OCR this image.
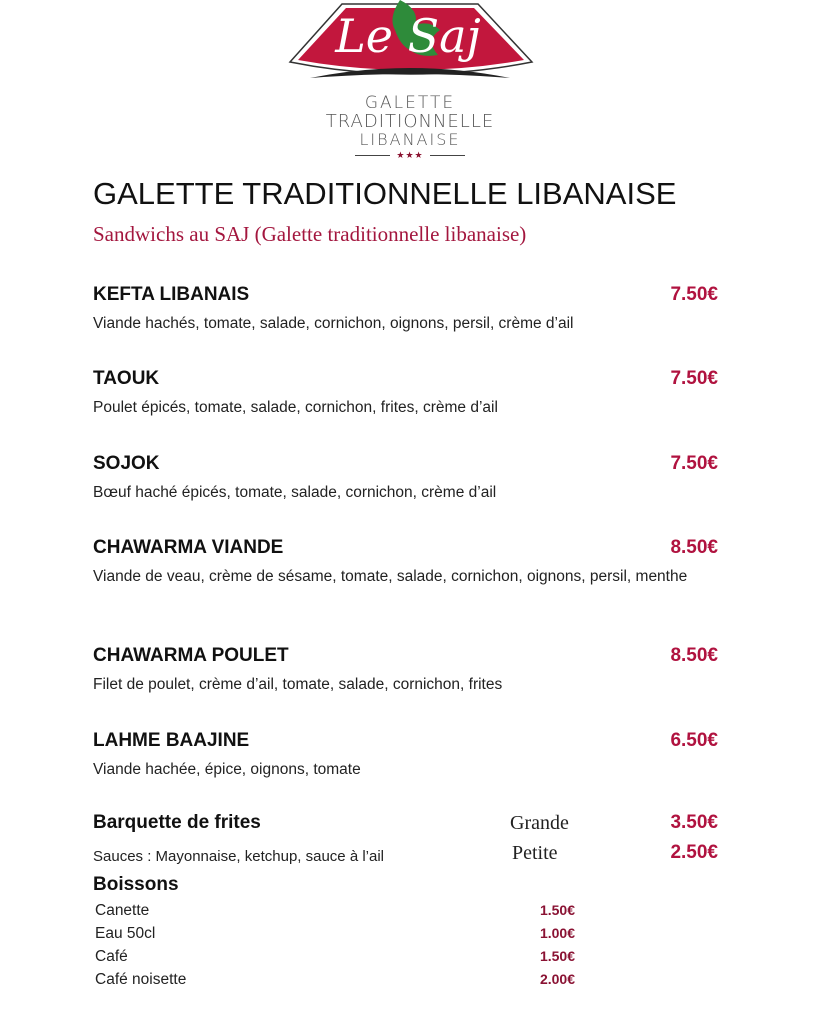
Le Saj
GALETTE
TRADITIONNELLE
LIBANAISE
★★★
GALETTE TRADITIONNELLE LIBANAISE
Sandwichs au SAJ (Galette traditionnelle libanaise)
KEFTA LIBANAIS	7.50€
Viande hachés, tomate, salade, cornichon, oignons, persil, crème d’ail
TAOUK	7.50€
Poulet épicés, tomate, salade, cornichon, frites, crème d’ail
SOJOK	7.50€
Bœuf haché épicés, tomate, salade, cornichon, crème d’ail
CHAWARMA VIANDE	8.50€
Viande de veau, crème de sésame, tomate, salade, cornichon, oignons, persil, menthe
CHAWARMA POULET	8.50€
Filet de poulet, crème d’ail, tomate, salade, cornichon, frites
LAHME BAAJINE	6.50€
Viande hachée, épice, oignons, tomate
Barquette de frites
Sauces : Mayonnaise, ketchup, sauce à l’ail
Grande	3.50€
Petite	2.50€
Boissons
Canette	1.50€
Eau 50cl	1.00€
Café	1.50€
Café noisette	2.00€
